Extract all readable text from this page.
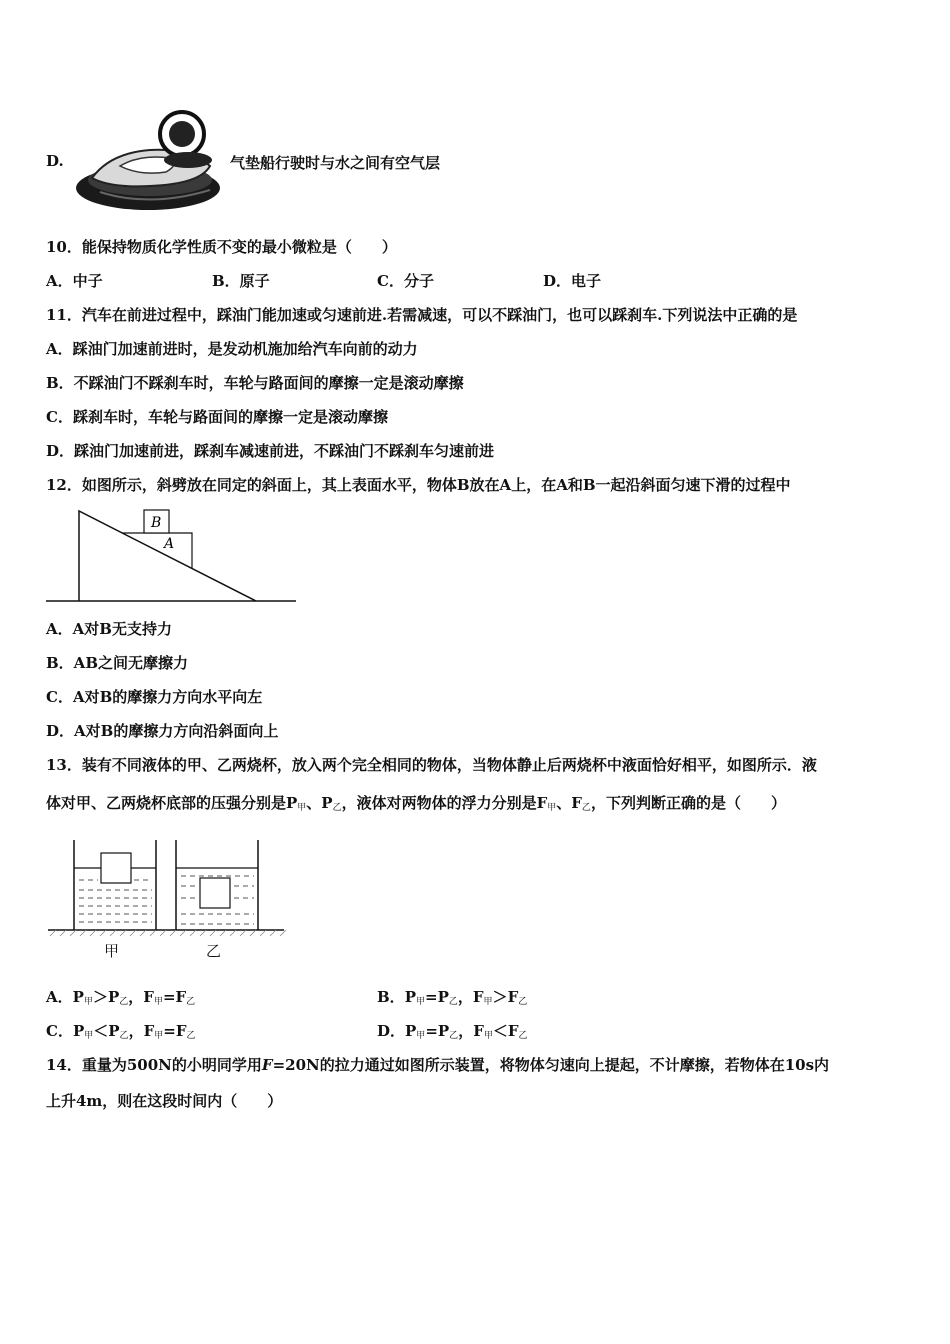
D.	气垫船行驶时与水之间有空气层
10．能保持物质化学性质不变的最小微粒是（　　）
A．中子	B．原子	C．分子	D．电子
11．汽车在前进过程中，踩油门能加速或匀速前进.若需减速，可以不踩油门，也可以踩刹车.下列说法中正确的是
A．踩油门加速前进时，是发动机施加给汽车向前的动力
B．不踩油门不踩刹车时，车轮与路面间的摩擦一定是滚动摩擦
C．踩刹车时，车轮与路面间的摩擦一定是滚动摩擦
D．踩油门加速前进，踩刹车减速前进，不踩油门不踩刹车匀速前进
12．如图所示，斜劈放在同定的斜面上，其上表面水平，物体B放在A上，在A和B一起沿斜面匀速下滑的过程中
B
A
A．A对B无支持力
B．AB之间无摩擦力
C．A对B的摩擦力方向水平向左
D．A对B的摩擦力方向沿斜面向上
13．装有不同液体的甲、乙两烧杯，放入两个完全相同的物体，当物体静止后两烧杯中液面恰好相平，如图所示．液
体对甲、乙两烧杯底部的压强分别是$P_甲$、$P_乙$，液体对两物体的浮力分别是$F_甲$、$F_乙$，下列判断正确的是（　　）
甲	乙
A．$P_甲>P_乙$，$F_甲=F_乙$	B．$P_甲=P_乙$，$F_甲>F_乙$
C．$P_甲<P_乙$，$F_甲=F_乙$	D．$P_甲=P_乙$，$F_甲<F_乙$
14．重量为500N的小明同学用F=20N的拉力通过如图所示装置，将物体匀速向上提起，不计摩擦，若物体在10s内
上升4m，则在这段时间内（　　）
